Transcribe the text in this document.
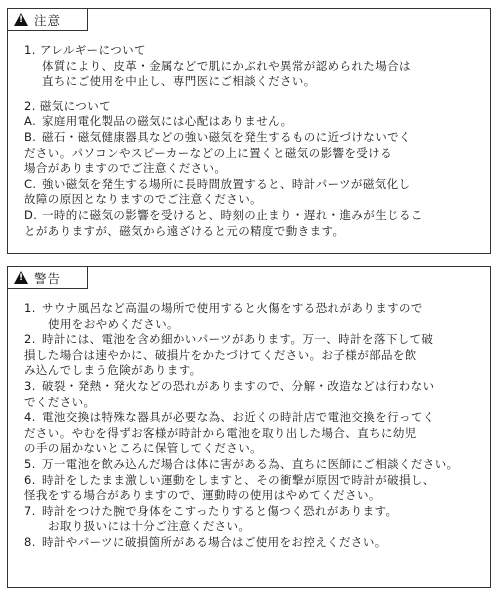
!
注意
1. アレルギーについて
体質により、皮革・金属などで肌にかぶれや異常が認められた場合は
直ちにご使用を中止し、専門医にご相談ください。
2. 磁気について
A. 家庭用電化製品の磁気には心配はありません。
B. 磁石・磁気健康器具などの強い磁気を発生するものに近づけないでく
ださい。パソコンやスピーカーなどの上に置くと磁気の影響を受ける
場合がありますのでご注意ください。
C. 強い磁気を発生する場所に長時間放置すると、時計パーツが磁気化し
故障の原因となりますのでご注意ください。
D. 一時的に磁気の影響を受けると、時刻の止まり・遅れ・進みが生じるこ
とがありますが、磁気から遠ざけると元の精度で動きます。
!
警告
1. サウナ風呂など高温の場所で使用すると火傷をする恐れがありますので
使用をおやめください。
2. 時計には、電池を含め細かいパーツがあります。万一、時計を落下して破
損した場合は速やかに、破損片をかたづけてください。お子様が部品を飲
み込んでしまう危険があります。
3. 破裂・発熱・発火などの恐れがありますので、分解・改造などは行わない
でください。
4. 電池交換は特殊な器具が必要な為、お近くの時計店で電池交換を行ってく
ださい。やむを得ずお客様が時計から電池を取り出した場合、直ちに幼児
の手の届かないところに保管してください。
5. 万一電池を飲み込んだ場合は体に害がある為、直ちに医師にご相談ください。
6. 時計をしたまま激しい運動をしますと、その衝撃が原因で時計が破損し、
怪我をする場合がありますので、運動時の使用はやめてください。
7. 時計をつけた腕で身体をこすったりすると傷つく恐れがあります。
お取り扱いには十分ご注意ください。
8. 時計やパーツに破損箇所がある場合はご使用をお控えください。
